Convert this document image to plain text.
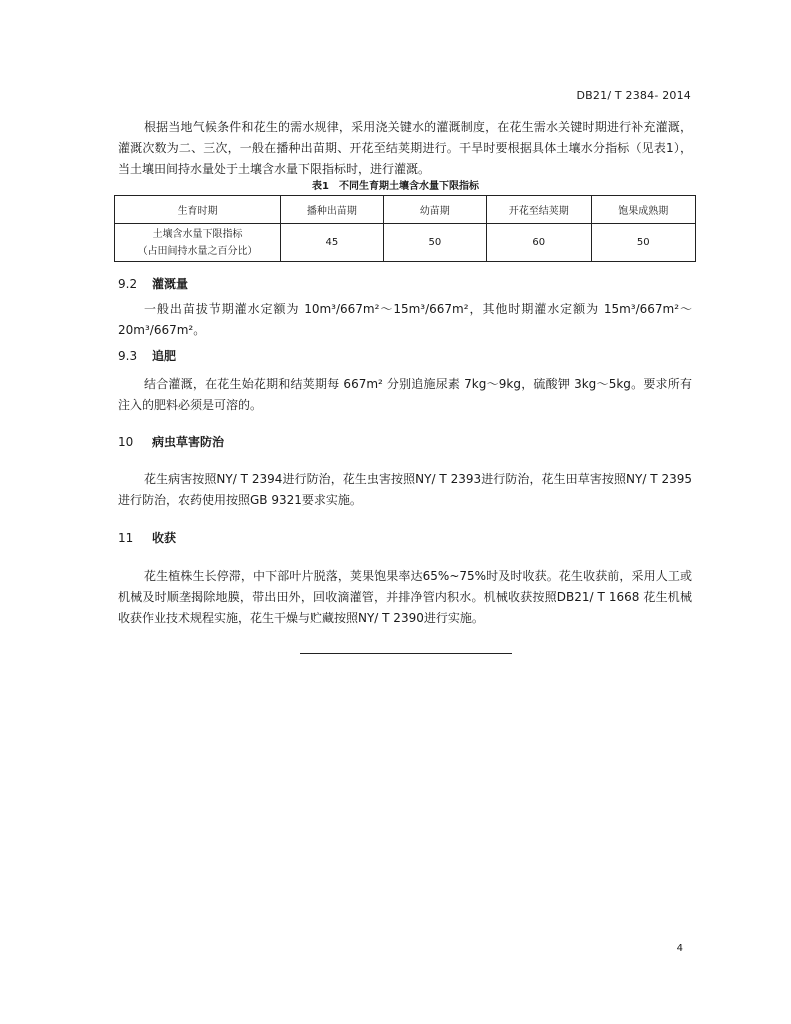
DB21/ T 2384- 2014

根据当地气候条件和花生的需水规律，采用浇关键水的灌溉制度，在花生需水关键时期进行补充灌溉，灌溉次数为二、三次，一般在播种出苗期、开花至结荚期进行。干旱时要根据具体土壤水分指标（见表1），当土壤田间持水量处于土壤含水量下限指标时，进行灌溉。

表1　不同生育期土壤含水量下限指标
生育时期	播种出苗期	幼苗期	开花至结荚期	饱果成熟期

土壤含水量下限指标
（占田间持水量之百分比）	45	50	60	50
9.2 灌溉量

一般出苗拔节期灌水定额为 10m³/667m²～15m³/667m²，其他时期灌水定额为 15m³/667m²～20m³/667m²。

9.3 追肥

结合灌溉，在花生始花期和结荚期每 667m² 分别追施尿素 7kg～9kg，硫酸钾 3kg～5kg。要求所有注入的肥料必须是可溶的。

10 病虫草害防治

花生病害按照NY/ T 2394进行防治，花生虫害按照NY/ T 2393进行防治，花生田草害按照NY/ T 2395进行防治，农药使用按照GB 9321要求实施。

11 收获

花生植株生长停滞，中下部叶片脱落，荚果饱果率达65%~75%时及时收获。花生收获前，采用人工或机械及时顺垄揭除地膜，带出田外，回收滴灌管，并排净管内积水。机械收获按照DB21/ T 1668 花生机械收获作业技术规程实施，花生干燥与贮藏按照NY/ T 2390进行实施。

4
